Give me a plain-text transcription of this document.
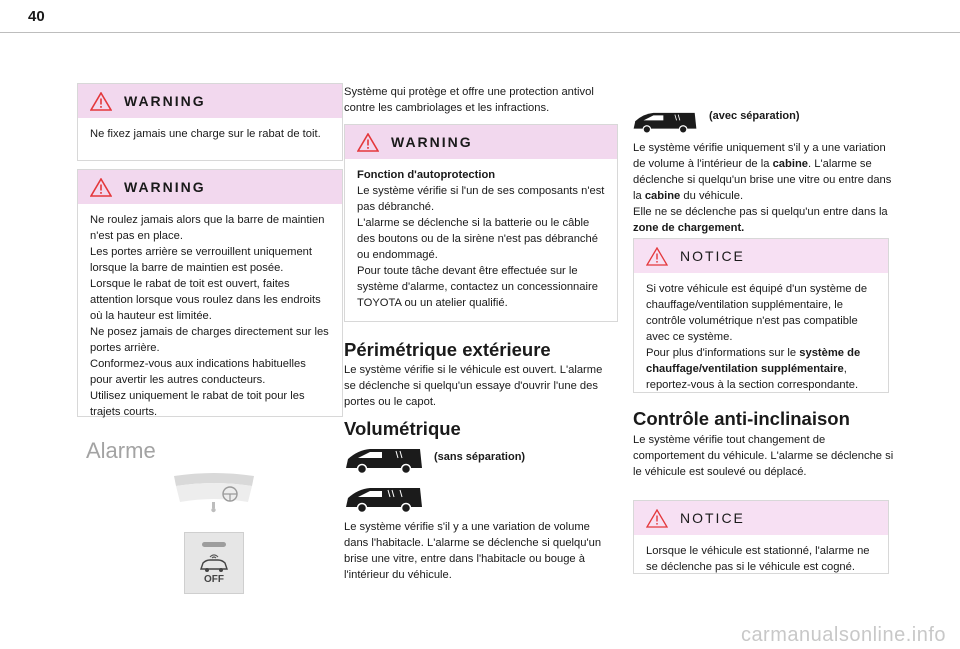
40
WARNING
Ne fixez jamais une charge sur le rabat de toit.
WARNING
Ne roulez jamais alors que la barre de maintien n'est pas en place.
Les portes arrière se verrouillent uniquement lorsque la barre de maintien est posée.
Lorsque le rabat de toit est ouvert, faites attention lorsque vous roulez dans les endroits où la hauteur est limitée.
Ne posez jamais de charges directement sur les portes arrière.
Conformez-vous aux indications habituelles pour avertir les autres conducteurs.
Utilisez uniquement le rabat de toit pour les trajets courts.
Alarme
OFF
Système qui protège et offre une protection antivol contre les cambriolages et les infractions.
WARNING
Fonction d'autoprotection
Le système vérifie si l'un de ses composants n'est pas débranché.
L'alarme se déclenche si la batterie ou le câble des boutons ou de la sirène n'est pas débranché ou endommagé.
Pour toute tâche devant être effectuée sur le système d'alarme, contactez un concessionnaire TOYOTA ou un atelier qualifié.
Périmétrique extérieure
Le système vérifie si le véhicule est ouvert. L'alarme se déclenche si quelqu'un essaye d'ouvrir l'une des portes ou le capot.
Volumétrique
(sans séparation)
Le système vérifie s'il y a une variation de volume dans l'habitacle. L'alarme se déclenche si quelqu'un brise une vitre, entre dans l'habitacle ou bouge à l'intérieur du véhicule.
(avec séparation)
Le système vérifie uniquement s'il y a une variation de volume à l'intérieur de la cabine. L'alarme se déclenche si quelqu'un brise une vitre ou entre dans la cabine du véhicule.
Elle ne se déclenche pas si quelqu'un entre dans la zone de chargement.
NOTICE
Si votre véhicule est équipé d'un système de chauffage/ventilation supplémentaire, le contrôle volumétrique n'est pas compatible avec ce système.
Pour plus d'informations sur le système de chauffage/ventilation supplémentaire, reportez-vous à la section correspondante.
Contrôle anti-inclinaison
Le système vérifie tout changement de comportement du véhicule. L'alarme se déclenche si le véhicule est soulevé ou déplacé.
NOTICE
Lorsque le véhicule est stationné, l'alarme ne se déclenche pas si le véhicule est cogné.
carmanualsonline.info
